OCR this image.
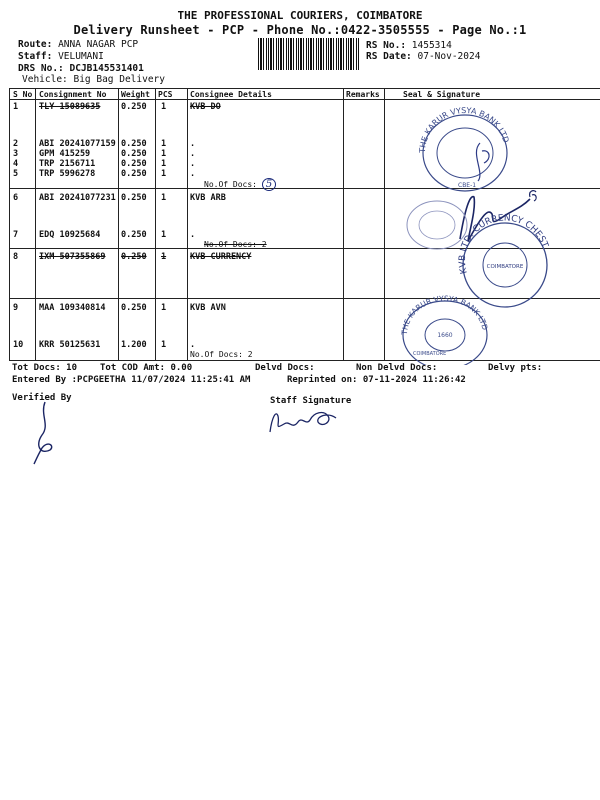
THE PROFESSIONAL COURIERS, COIMBATORE
Delivery Runsheet - PCP - Phone No.:0422-3505555 - Page No.:1
Route: ANNA NAGAR PCP
Staff: VELUMANI
DRS No.: DCJB145531401
Vehicle: Big Bag Delivery
RS No.: 1455314
RS Date: 07-Nov-2024
S No Consignment No Weight PCS Consignee Details	Remarks	Seal & Signature
1 TLY 15089635 0.250 1	KVB DO
2 ABI 20241077159 0.250 1	.
3 GPM 415259	0.250 1	.
4 TRP 2156711	0.250 1	.
5 TRP 5996278	0.250 1	.
No.Of Docs: 5
6 ABI 20241077231 0.250 1	KVB ARB
7 EDQ 10925684 0.250 1	.
No.Of Docs: 2
8 IXM 507355869 0.250 1	KVB CURRENCY
9 MAA 109340814 0.250 1	KVB AVN
10 KRR 50125631 1.200 1	.
No.Of Docs: 2
THE KARUR VYSYA BANK LTD
CBE-1
KVB LTD. CURRENCY CHEST
COIMBATORE
THE KARUR VYSYA BANK LTD
COIMBATORE
1660
Tot Docs: 10	Tot COD Amt: 0.00	Delvd Docs:	Non Delvd Docs:	Delvy pts:
Entered By :PCPGEETHA 11/07/2024 11:25:41 AM	Reprinted on: 07-11-2024 11:26:42
Verified By	Staff Signature
